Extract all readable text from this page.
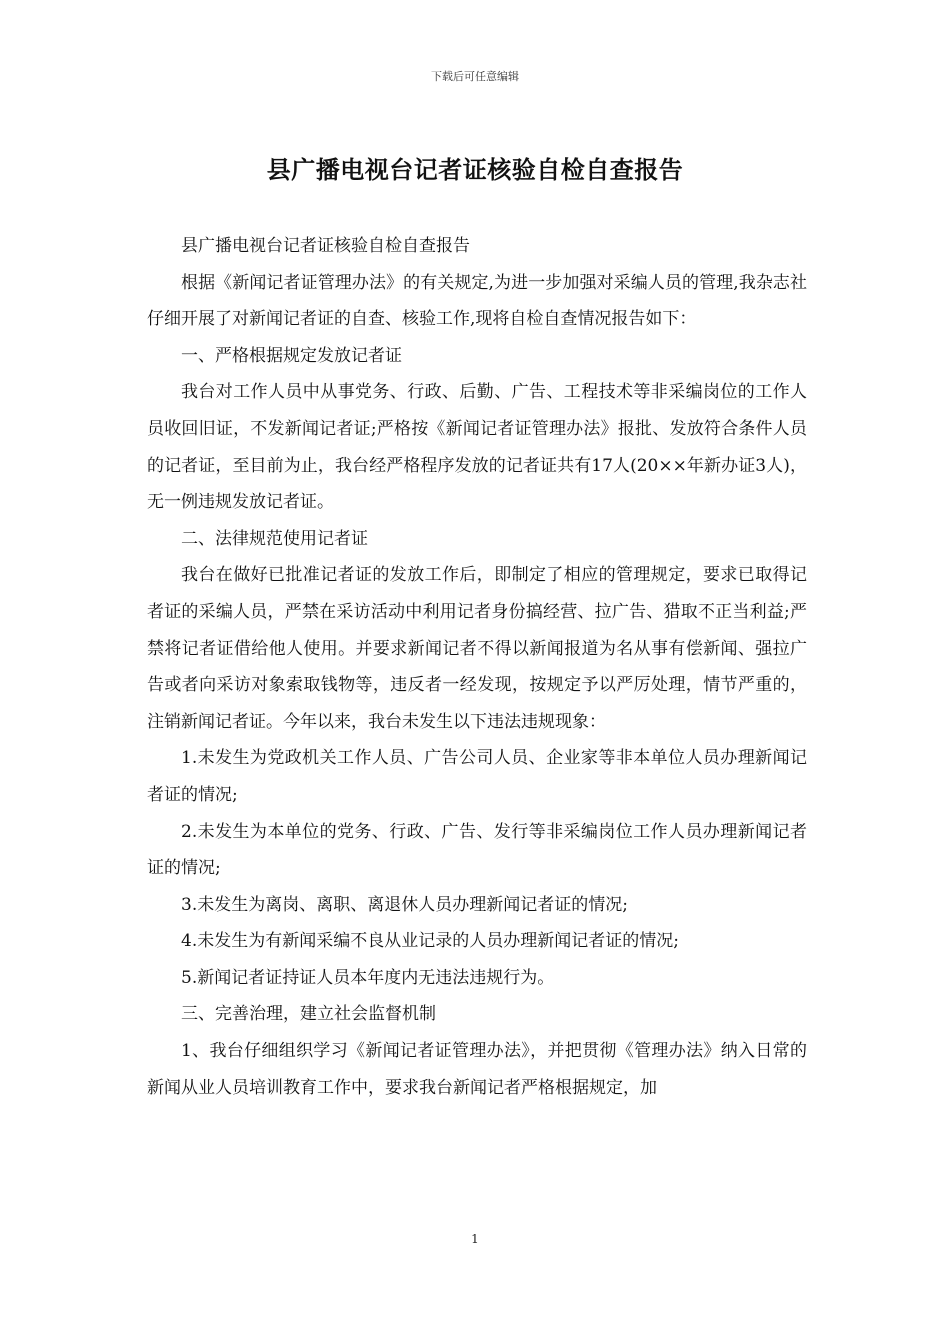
下载后可任意编辑
县广播电视台记者证核验自检自查报告

县广播电视台记者证核验自检自查报告

根据《新闻记者证管理办法》的有关规定,为进一步加强对采编人员的管理,我杂志社仔细开展了对新闻记者证的自查、核验工作,现将自检自查情况报告如下：

一、严格根据规定发放记者证

我台对工作人员中从事党务、行政、后勤、广告、工程技术等非采编岗位的工作人员收回旧证，不发新闻记者证;严格按《新闻记者证管理办法》报批、发放符合条件人员的记者证，至目前为止，我台经严格程序发放的记者证共有17人(20××年新办证3人)，无一例违规发放记者证。

二、法律规范使用记者证

我台在做好已批准记者证的发放工作后，即制定了相应的管理规定，要求已取得记者证的采编人员，严禁在采访活动中利用记者身份搞经营、拉广告、猎取不正当利益;严禁将记者证借给他人使用。并要求新闻记者不得以新闻报道为名从事有偿新闻、强拉广告或者向采访对象索取钱物等，违反者一经发现，按规定予以严厉处理，情节严重的，注销新闻记者证。今年以来，我台未发生以下违法违规现象：

1.未发生为党政机关工作人员、广告公司人员、企业家等非本单位人员办理新闻记者证的情况;

2.未发生为本单位的党务、行政、广告、发行等非采编岗位工作人员办理新闻记者证的情况;

3.未发生为离岗、离职、离退休人员办理新闻记者证的情况;

4.未发生为有新闻采编不良从业记录的人员办理新闻记者证的情况;

5.新闻记者证持证人员本年度内无违法违规行为。

三、完善治理，建立社会监督机制

1、我台仔细组织学习《新闻记者证管理办法》，并把贯彻《管理办法》纳入日常的新闻从业人员培训教育工作中，要求我台新闻记者严格根据规定，加

1
